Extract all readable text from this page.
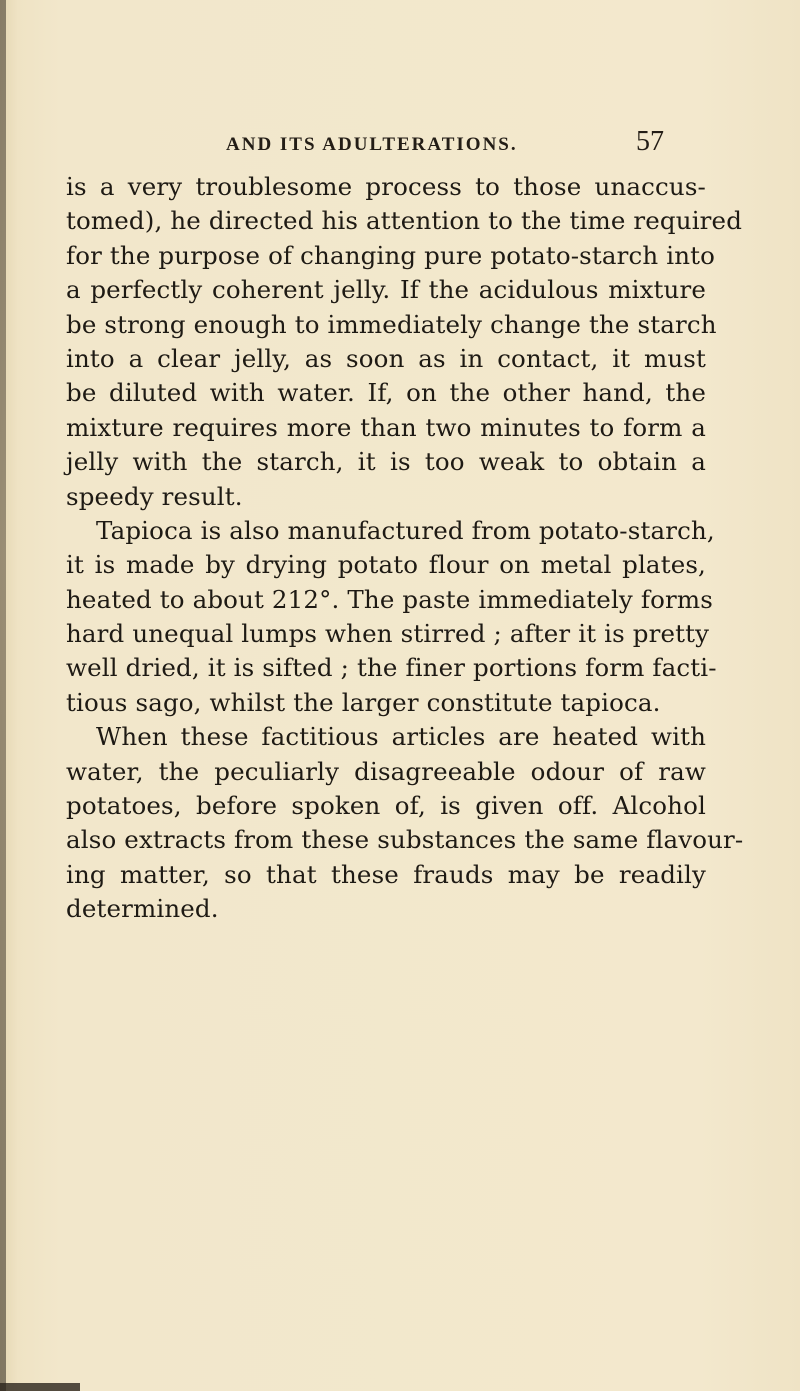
AND ITS ADULTERATIONS.	57
is a very troublesome process to those unaccus-
tomed), he directed his attention to the time required
for the purpose of changing pure potato-starch into
a perfectly coherent jelly. If the acidulous mixture
be strong enough to immediately change the starch
into a clear jelly, as soon as in contact, it must
be diluted with water. If, on the other hand, the
mixture requires more than two minutes to form a
jelly with the starch, it is too weak to obtain a
speedy result.
Tapioca is also manufactured from potato-starch,
it is made by drying potato flour on metal plates,
heated to about 212°. The paste immediately forms
hard unequal lumps when stirred ; after it is pretty
well dried, it is sifted ; the finer portions form facti-
tious sago, whilst the larger constitute tapioca.
When these factitious articles are heated with
water, the peculiarly disagreeable odour of raw
potatoes, before spoken of, is given off. Alcohol
also extracts from these substances the same flavour-
ing matter, so that these frauds may be readily
determined.
